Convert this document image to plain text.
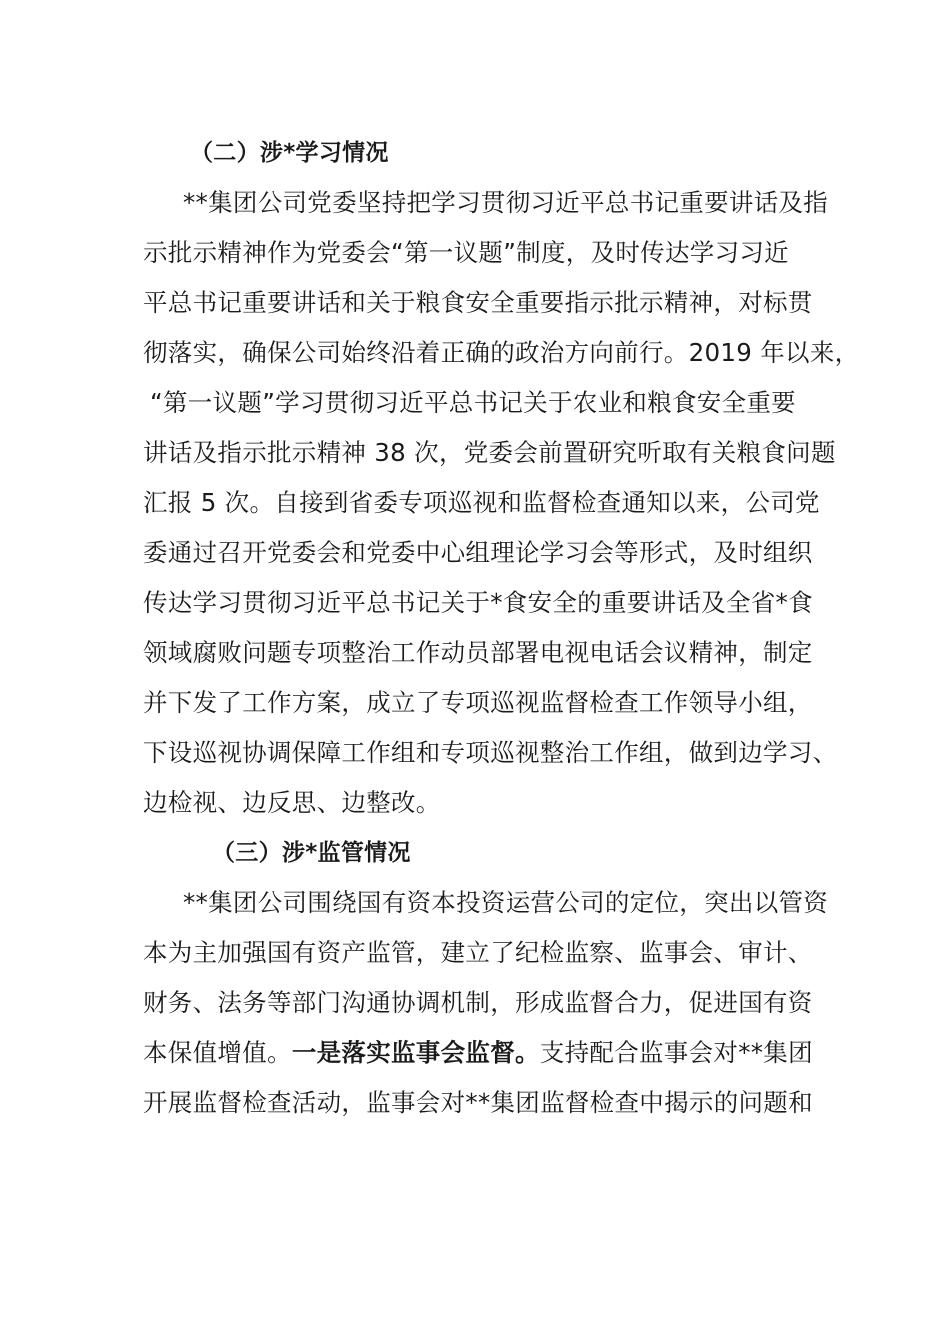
（二）涉*学习情况
**集团公司党委坚持把学习贯彻习近平总书记重要讲话及指
示批示精神作为党委会“第一议题”制度，及时传达学习习近
平总书记重要讲话和关于粮食安全重要指示批示精神，对标贯
彻落实，确保公司始终沿着正确的政治方向前行。2019 年以来，
“第一议题”学习贯彻习近平总书记关于农业和粮食安全重要
讲话及指示批示精神 38 次，党委会前置研究听取有关粮食问题
汇报 5 次。自接到省委专项巡视和监督检查通知以来，公司党
委通过召开党委会和党委中心组理论学习会等形式，及时组织
传达学习贯彻习近平总书记关于*食安全的重要讲话及全省*食
领域腐败问题专项整治工作动员部署电视电话会议精神，制定
并下发了工作方案，成立了专项巡视监督检查工作领导小组，
下设巡视协调保障工作组和专项巡视整治工作组，做到边学习、
边检视、边反思、边整改。
（三）涉*监管情况
**集团公司围绕国有资本投资运营公司的定位，突出以管资
本为主加强国有资产监管，建立了纪检监察、监事会、审计、
财务、法务等部门沟通协调机制，形成监督合力，促进国有资
本保值增值。一是落实监事会监督。支持配合监事会对**集团
开展监督检查活动，监事会对**集团监督检查中揭示的问题和
